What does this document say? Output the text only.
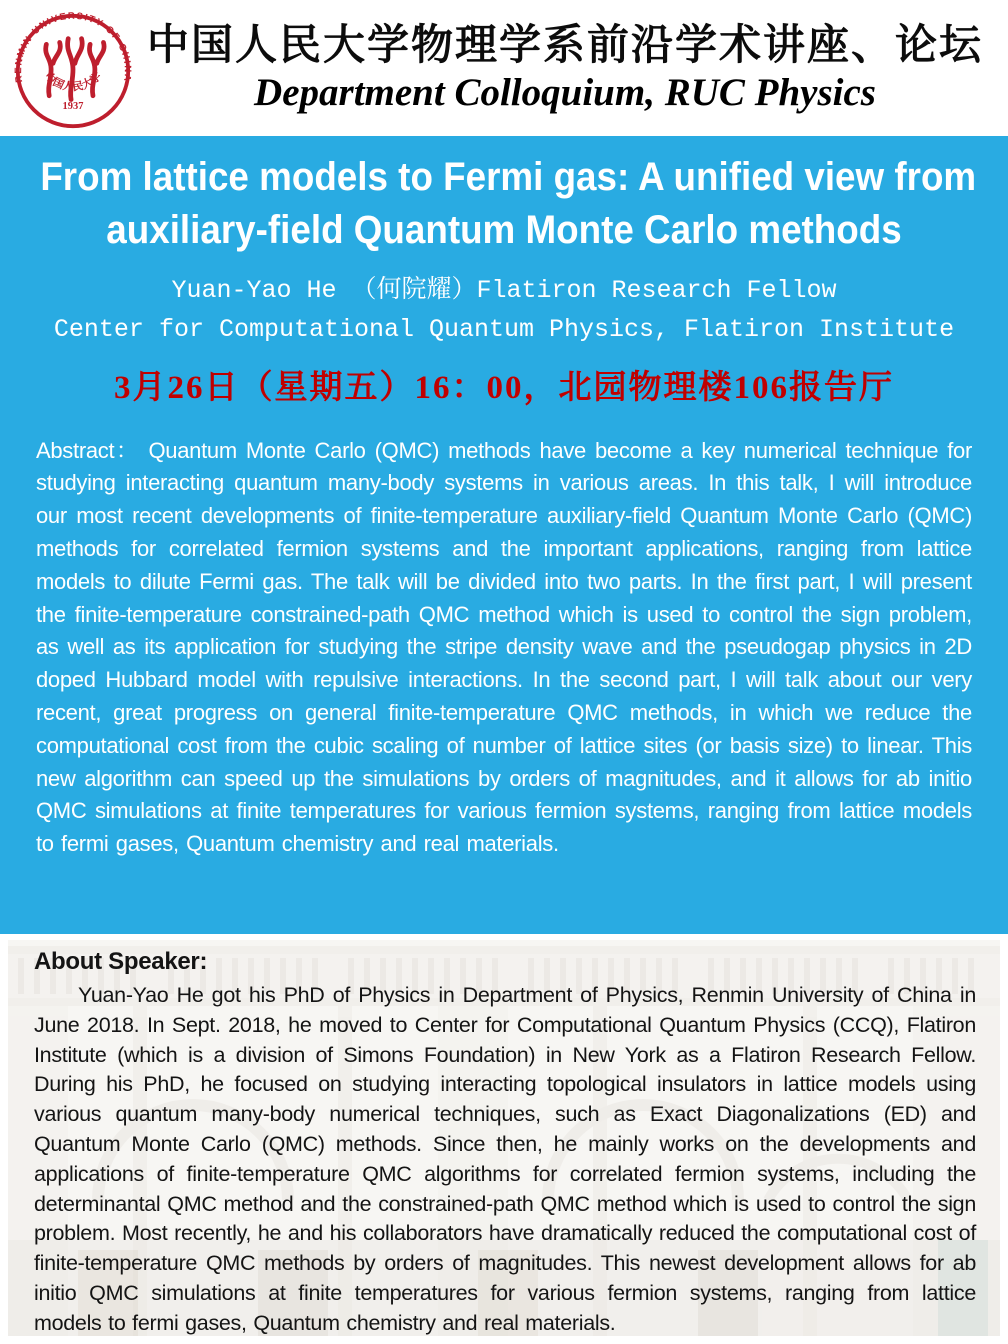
RENMIN UNIVERSITY OF CHINA
1937
中国人民大学
中国人民大学物理学系前沿学术讲座、论坛
Department Colloquium, RUC Physics
From lattice models to Fermi gas: A unified view from
auxiliary-field Quantum Monte Carlo methods
Yuan-Yao He （何院耀）Flatiron Research Fellow
Center for Computational Quantum Physics, Flatiron Institute
3月26日（星期五）16：00，北园物理楼106报告厅

Abstract： Quantum Monte Carlo (QMC) methods have become a key numerical technique for studying interacting quantum many-body systems in various areas. In this talk, I will introduce our most recent developments of finite-temperature auxiliary-field Quantum Monte Carlo (QMC) methods for correlated fermion systems and the important applications, ranging from lattice models to dilute Fermi gas. The talk will be divided into two parts. In the first part, I will present the finite-temperature constrained-path QMC method which is used to control the sign problem, as well as its application for studying the stripe density wave and the pseudogap physics in 2D doped Hubbard model with repulsive interactions. In the second part, I will talk about our very recent, great progress on general finite-temperature QMC methods, in which we reduce the computational cost from the cubic scaling of number of lattice sites (or basis size) to linear. This new algorithm can speed up the simulations by orders of magnitudes, and it allows for ab initio QMC simulations at finite temperatures for various fermion systems, ranging from lattice models to fermi gases, Quantum chemistry and real materials.

About Speaker:

Yuan-Yao He got his PhD of Physics in Department of Physics, Renmin University of China in June 2018. In Sept. 2018, he moved to Center for Computational Quantum Physics (CCQ), Flatiron Institute (which is a division of Simons Foundation) in New York as a Flatiron Research Fellow. During his PhD, he focused on studying interacting topological insulators in lattice models using various quantum many-body numerical techniques, such as Exact Diagonalizations (ED) and Quantum Monte Carlo (QMC) methods. Since then, he mainly works on the developments and applications of finite-temperature QMC algorithms for correlated fermion systems, including the determinantal QMC method and the constrained-path QMC method which is used to control the sign problem. Most recently, he and his collaborators have dramatically reduced the computational cost of finite-temperature QMC methods by orders of magnitudes. This newest development allows for ab initio QMC simulations at finite temperatures for various fermion systems, ranging from lattice models to fermi gases, Quantum chemistry and real materials.
